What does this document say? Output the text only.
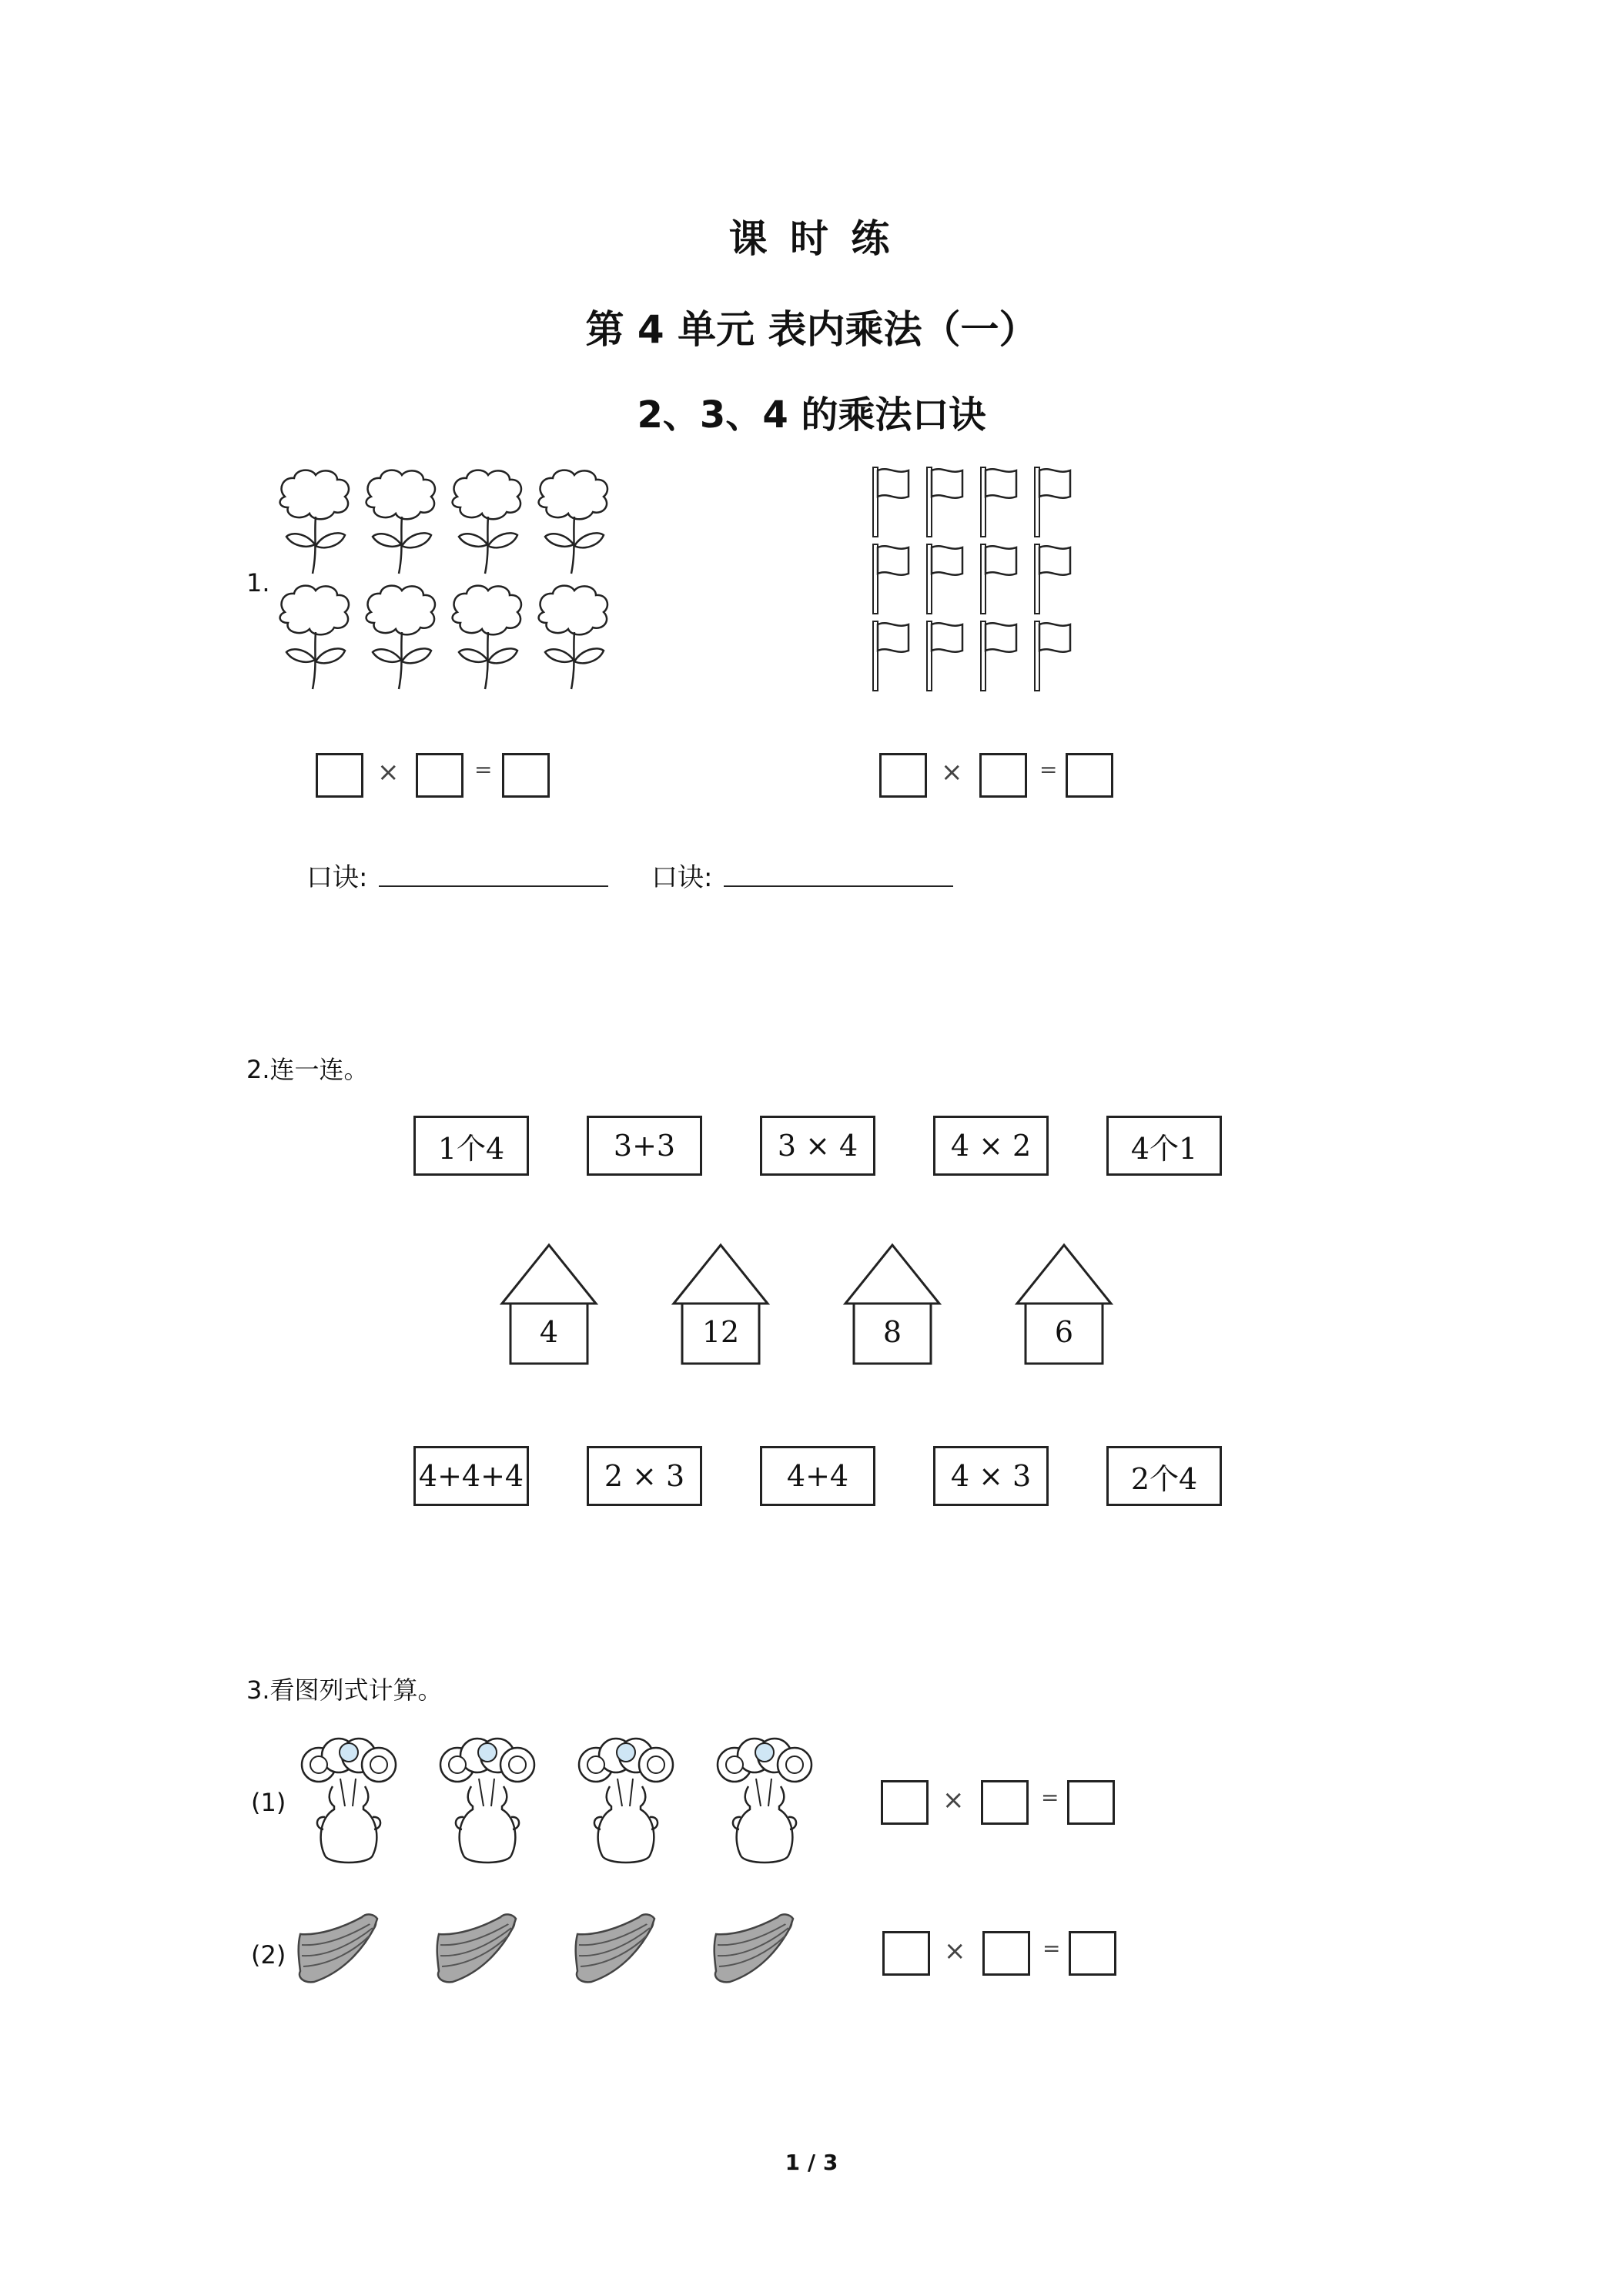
课 时 练
第 4 单元 表内乘法（一）
2、3、4 的乘法口诀
1.
×	=	×	=
口诀:	口诀:
2.连一连。
1个4	3+3	3 × 4	4 × 2	4个1
4	12	8	6
4+4+4	2 × 3	4+4	4 × 3	2个4
3.看图列式计算。
(1)	×	=
(2)	×	=
1 / 3
